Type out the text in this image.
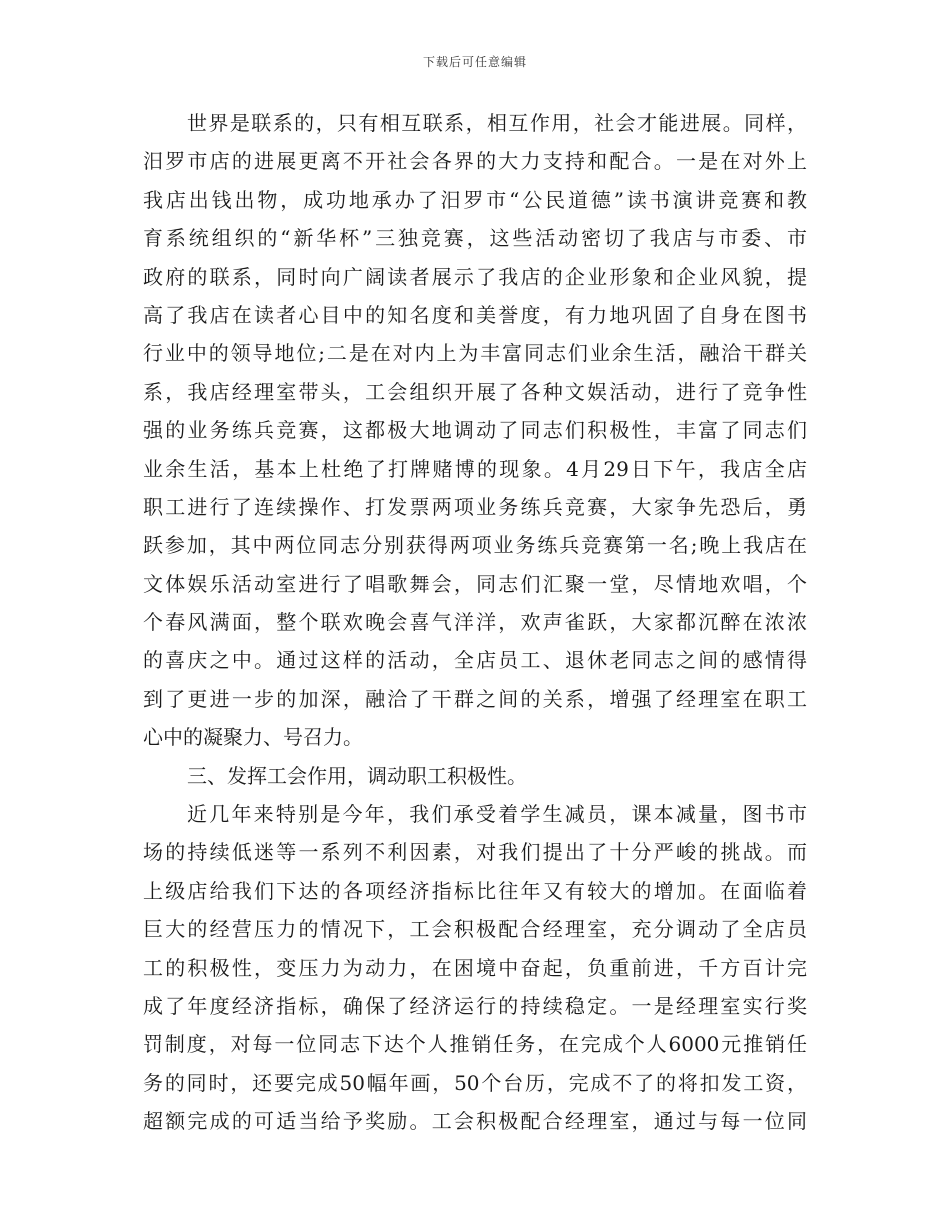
下载后可任意编辑
世界是联系的，只有相互联系，相互作用，社会才能进展。同样，
汨罗市店的进展更离不开社会各界的大力支持和配合。一是在对外上
我店出钱出物，成功地承办了汨罗市“公民道德”读书演讲竞赛和教
育系统组织的“新华杯”三独竞赛，这些活动密切了我店与市委、市
政府的联系，同时向广阔读者展示了我店的企业形象和企业风貌，提
高了我店在读者心目中的知名度和美誉度，有力地巩固了自身在图书
行业中的领导地位;二是在对内上为丰富同志们业余生活，融洽干群关
系，我店经理室带头，工会组织开展了各种文娱活动，进行了竞争性
强的业务练兵竞赛，这都极大地调动了同志们积极性，丰富了同志们
业余生活，基本上杜绝了打牌赌博的现象。4月29日下午，我店全店
职工进行了连续操作、打发票两项业务练兵竞赛，大家争先恐后，勇
跃参加，其中两位同志分别获得两项业务练兵竞赛第一名;晚上我店在
文体娱乐活动室进行了唱歌舞会，同志们汇聚一堂，尽情地欢唱，个
个春风满面，整个联欢晚会喜气洋洋，欢声雀跃，大家都沉醉在浓浓
的喜庆之中。通过这样的活动，全店员工、退休老同志之间的感情得
到了更进一步的加深，融洽了干群之间的关系，增强了经理室在职工
心中的凝聚力、号召力。
三、发挥工会作用，调动职工积极性。
近几年来特别是今年，我们承受着学生减员，课本减量，图书市
场的持续低迷等一系列不利因素，对我们提出了十分严峻的挑战。而
上级店给我们下达的各项经济指标比往年又有较大的增加。在面临着
巨大的经营压力的情况下，工会积极配合经理室，充分调动了全店员
工的积极性，变压力为动力，在困境中奋起，负重前进，千方百计完
成了年度经济指标，确保了经济运行的持续稳定。一是经理室实行奖
罚制度，对每一位同志下达个人推销任务，在完成个人6000元推销任
务的同时，还要完成50幅年画，50个台历，完成不了的将扣发工资，
超额完成的可适当给予奖励。工会积极配合经理室，通过与每一位同
